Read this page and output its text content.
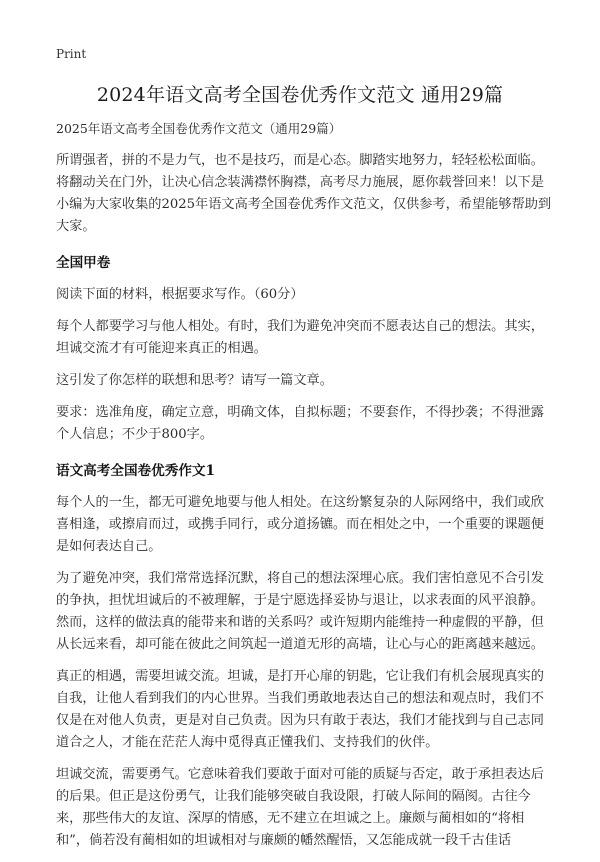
Print
2024年语文高考全国卷优秀作文范文 通用29篇

2025年语文高考全国卷优秀作文范文（通用29篇）

所谓强者，拼的不是力气，也不是技巧，而是心态。脚踏实地努力，轻轻松松面临。将翻动关在门外，让决心信念装满襟怀胸襟，高考尽力施展，愿你载誉回来！以下是小编为大家收集的2025年语文高考全国卷优秀作文范文，仅供参考，希望能够帮助到大家。

全国甲卷

阅读下面的材料，根据要求写作。（60分）

每个人都要学习与他人相处。有时，我们为避免冲突而不愿表达自己的想法。其实，坦诚交流才有可能迎来真正的相遇。

这引发了你怎样的联想和思考？请写一篇文章。

要求：选准角度，确定立意，明确文体，自拟标题；不要套作，不得抄袭；不得泄露个人信息；不少于800字。

语文高考全国卷优秀作文1

每个人的一生，都无可避免地要与他人相处。在这纷繁复杂的人际网络中，我们或欣喜相逢，或擦肩而过，或携手同行，或分道扬镳。而在相处之中，一个重要的课题便是如何表达自己。

为了避免冲突，我们常常选择沉默，将自己的想法深埋心底。我们害怕意见不合引发的争执，担忧坦诚后的不被理解，于是宁愿选择妥协与退让，以求表面的风平浪静。然而，这样的做法真的能带来和谐的关系吗？或许短期内能维持一种虚假的平静，但从长远来看，却可能在彼此之间筑起一道道无形的高墙，让心与心的距离越来越远。

真正的相遇，需要坦诚交流。坦诚，是打开心扉的钥匙，它让我们有机会展现真实的自我，让他人看到我们的内心世界。当我们勇敢地表达自己的想法和观点时，我们不仅是在对他人负责，更是对自己负责。因为只有敢于表达，我们才能找到与自己志同道合之人，才能在茫茫人海中觅得真正懂我们、支持我们的伙伴。

坦诚交流，需要勇气。它意味着我们要敢于面对可能的质疑与否定，敢于承担表达后的后果。但正是这份勇气，让我们能够突破自我设限，打破人际间的隔阂。古往今来，那些伟大的友谊、深厚的情感，无不建立在坦诚之上。廉颇与蔺相如的“将相和”，倘若没有蔺相如的坦诚相对与廉颇的幡然醒悟，又怎能成就一段千古佳话
